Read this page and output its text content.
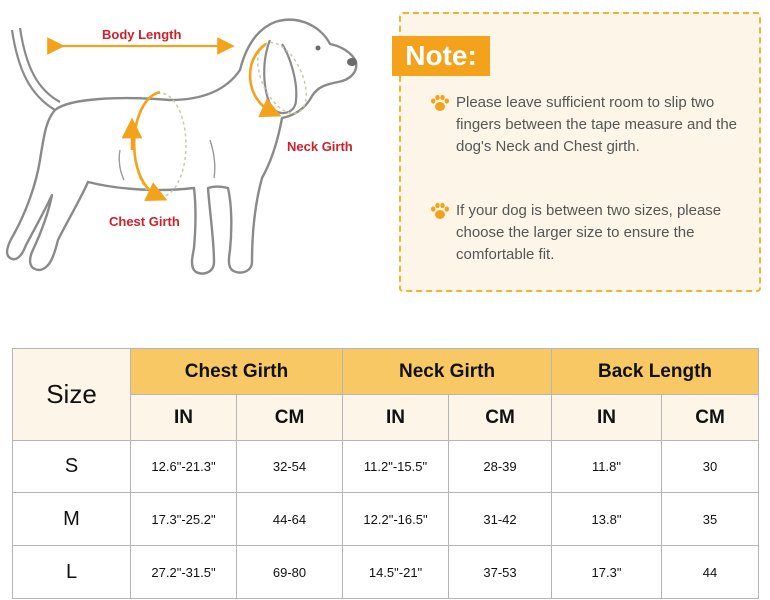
Body Length
Neck Girth
Chest Girth
Note:
Please leave sufficient room to slip two fingers between the tape measure and the dog's Neck and Chest girth.
If your dog is between two sizes, please choose the larger size to ensure the comfortable fit.
Size	Chest Girth		Neck Girth		Back Length	
	IN	CM	IN	CM	IN	CM
S	12.6"-21.3"	32-54	11.2"-15.5"	28-39	11.8"	30
M	17.3"-25.2"	44-64	12.2"-16.5"	31-42	13.8"	35
L	27.2"-31.5"	69-80	14.5"-21"	37-53	17.3"	44
